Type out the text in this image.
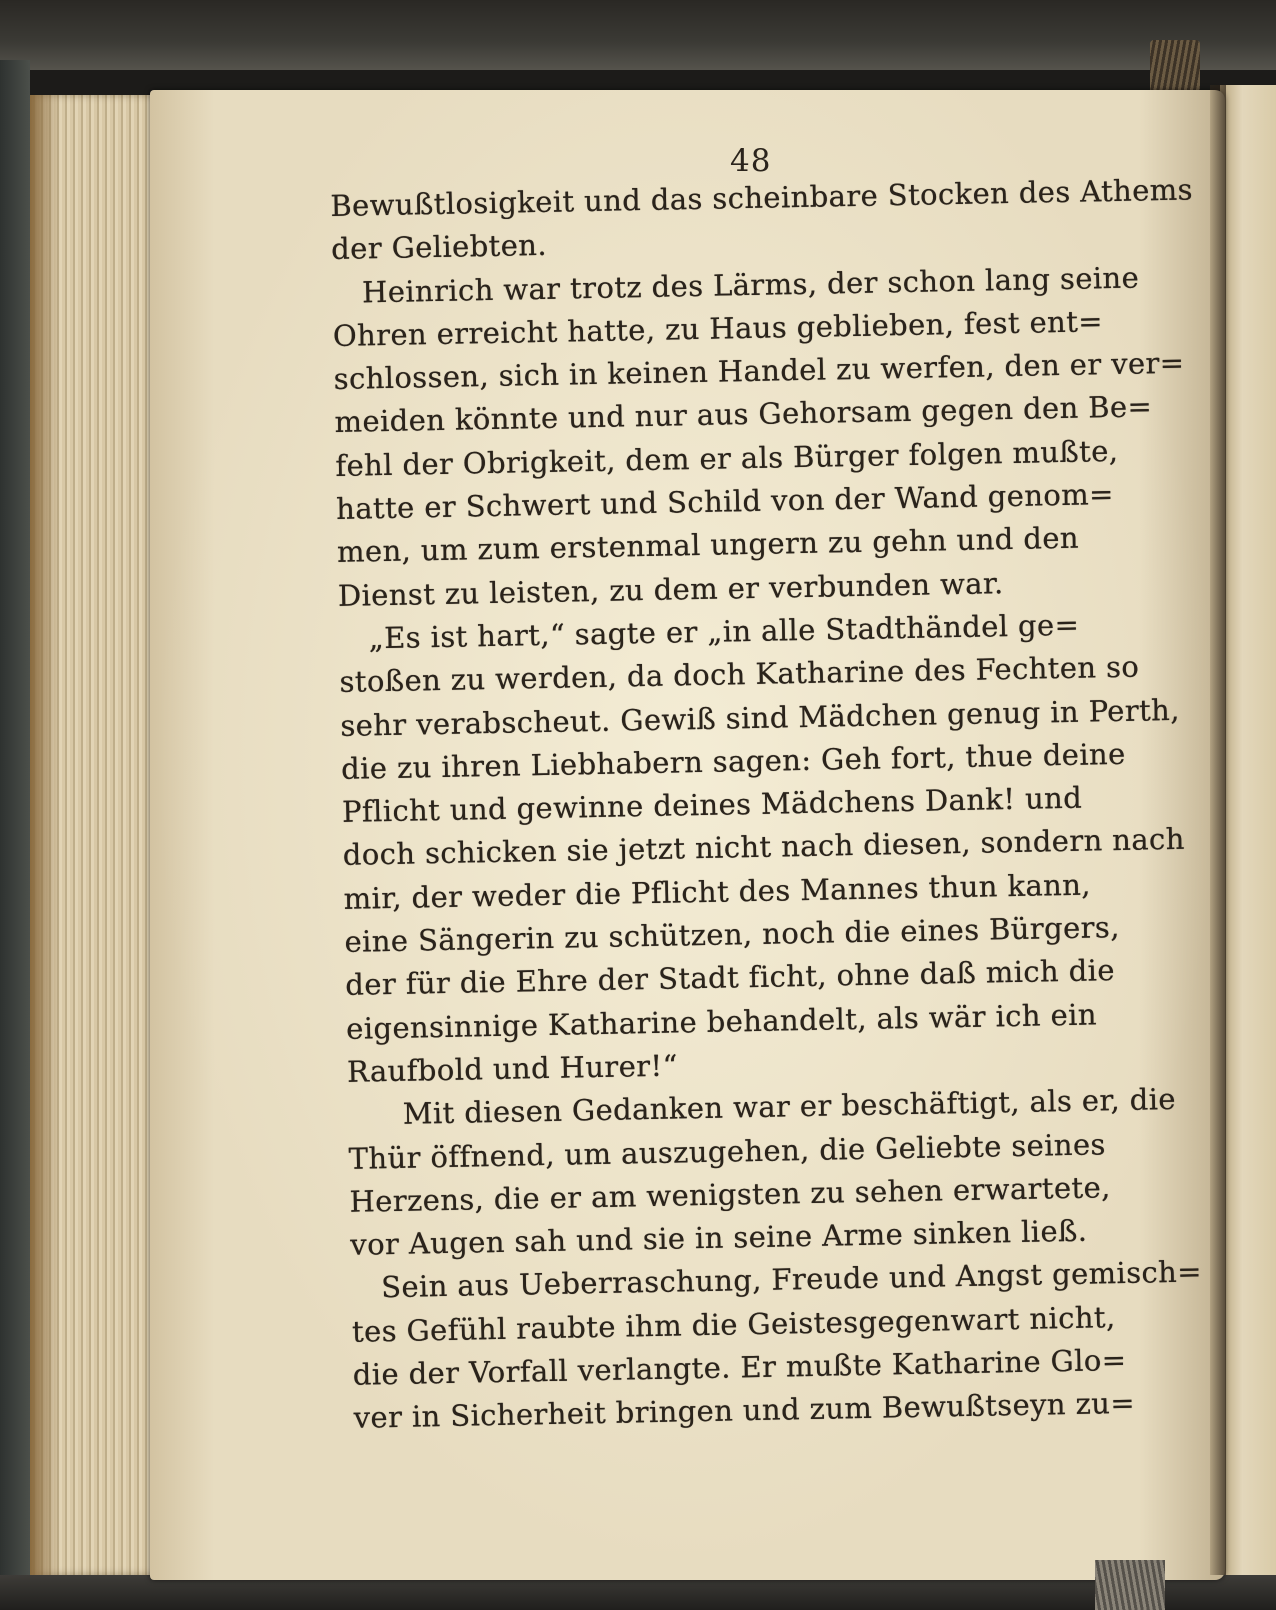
48
Bewußtlosigkeit und das scheinbare Stocken des Athems
der Geliebten.
Heinrich war trotz des Lärms, der schon lang seine
Ohren erreicht hatte, zu Haus geblieben, fest ent=
schlossen, sich in keinen Handel zu werfen, den er ver=
meiden könnte und nur aus Gehorsam gegen den Be=
fehl der Obrigkeit, dem er als Bürger folgen mußte,
hatte er Schwert und Schild von der Wand genom=
men, um zum erstenmal ungern zu gehn und den
Dienst zu leisten, zu dem er verbunden war.
„Es ist hart,“ sagte er „in alle Stadthändel ge=
stoßen zu werden, da doch Katharine des Fechten so
sehr verabscheut. Gewiß sind Mädchen genug in Perth,
die zu ihren Liebhabern sagen: Geh fort, thue deine
Pflicht und gewinne deines Mädchens Dank! und
doch schicken sie jetzt nicht nach diesen, sondern nach
mir, der weder die Pflicht des Mannes thun kann,
eine Sängerin zu schützen, noch die eines Bürgers,
der für die Ehre der Stadt ficht, ohne daß mich die
eigensinnige Katharine behandelt, als wär ich ein
Raufbold und Hurer!“
Mit diesen Gedanken war er beschäftigt, als er, die
Thür öffnend, um auszugehen, die Geliebte seines
Herzens, die er am wenigsten zu sehen erwartete,
vor Augen sah und sie in seine Arme sinken ließ.
Sein aus Ueberraschung, Freude und Angst gemisch=
tes Gefühl raubte ihm die Geistesgegenwart nicht,
die der Vorfall verlangte. Er mußte Katharine Glo=
ver in Sicherheit bringen und zum Bewußtseyn zu=
